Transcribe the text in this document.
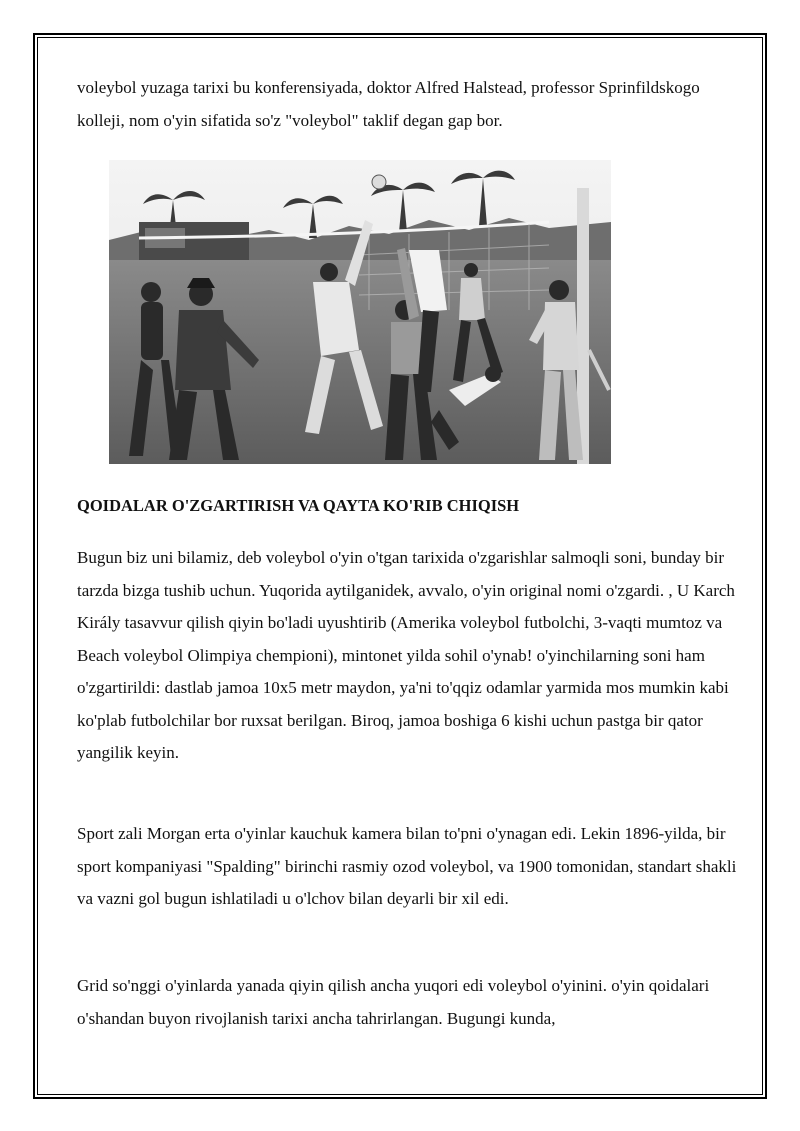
voleybol yuzaga tarixi bu konferensiyada, doktor Alfred Halstead, professor Sprinfildskogo kolleji, nom o'yin sifatida so'z "voleybol" taklif degan gap bor.

QOIDALAR O'ZGARTIRISH VA QAYTA KO'RIB CHIQISH

Bugun biz uni bilamiz, deb voleybol o'yin o'tgan tarixida o'zgarishlar salmoqli soni, bunday bir tarzda bizga tushib uchun. Yuqorida aytilganidek, avvalo, o'yin original nomi o'zgardi. , U Karch Király tasavvur qilish qiyin bo'ladi uyushtirib (Amerika voleybol futbolchi, 3-vaqti mumtoz va Beach voleybol Olimpiya chempioni), mintonet yilda sohil o'ynab! o'yinchilarning soni ham o'zgartirildi: dastlab jamoa 10x5 metr maydon, ya'ni to'qqiz odamlar yarmida mos mumkin kabi ko'plab futbolchilar bor ruxsat berilgan. Biroq, jamoa boshiga 6 kishi uchun pastga bir qator yangilik keyin.

Sport zali Morgan erta o'yinlar kauchuk kamera bilan to'pni o'ynagan edi. Lekin 1896-yilda, bir sport kompaniyasi "Spalding" birinchi rasmiy ozod voleybol, va 1900 tomonidan, standart shakli va vazni gol bugun ishlatiladi u o'lchov bilan deyarli bir xil edi.

Grid so'nggi o'yinlarda yanada qiyin qilish ancha yuqori edi voleybol o'yinini. o'yin qoidalari o'shandan buyon rivojlanish tarixi ancha tahrirlangan. Bugungi kunda,
